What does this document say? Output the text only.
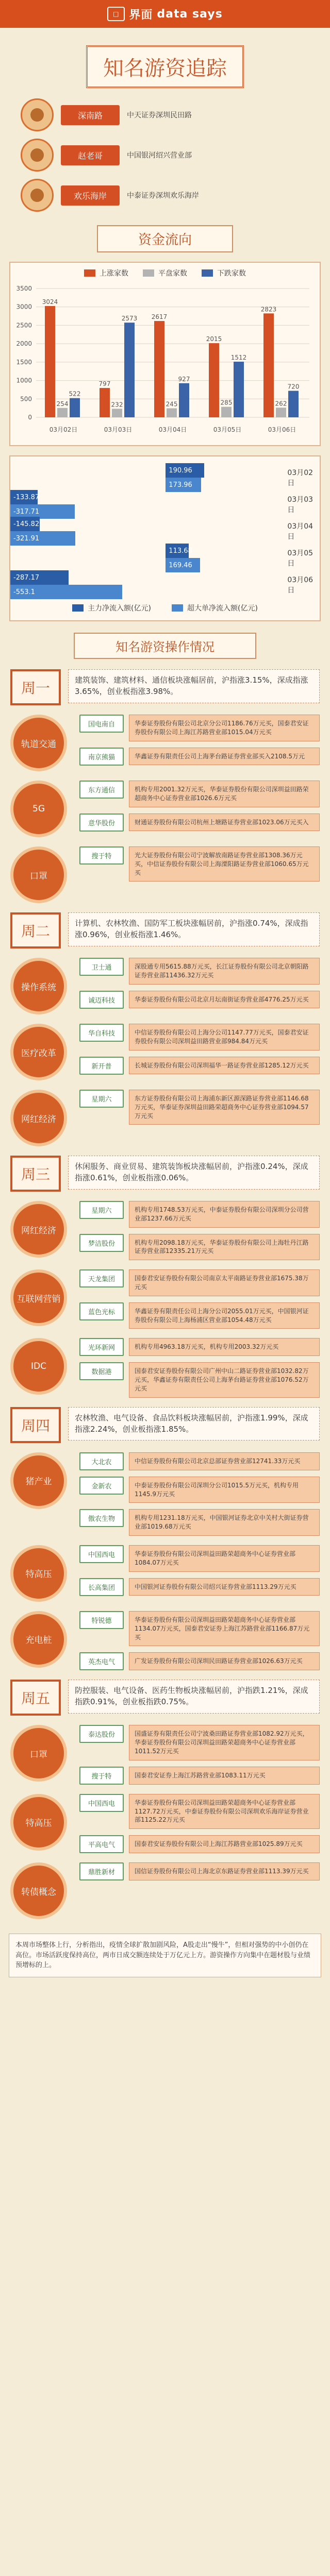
□ 界面 data says
知名游资追踪
深南路	中天证券深圳民田路
赵老哥	中国银河绍兴营业部
欢乐海岸	中泰证券深圳欢乐海岸
资金流向
上涨家数	平盘家数	下跌家数
0
500
1000
1500
2000
2500
3000
3500
3024
254
522
03月02日
797
232
2573
03月03日
2617
245
927
03月04日
2015
285
1512
03月05日
2823
262
720
03月06日
190.96
173.96
03月02日
-133.87
-317.71
03月03日
-145.82
-321.91
03月04日
113.68
169.46
03月05日
-287.17
-553.1
03月06日
主力净流入额(亿元)	超大单净流入额(亿元)
知名游资操作情况
周一	建筑装饰、建筑材料、通信板块涨幅居前，沪指涨3.15%，深成指涨3.65%，创业板指涨3.98%。
轨道交通
国电南自	华泰证券股份有限公司北京分公司1186.76万元买，国泰君安证券股份有限公司上海江苏路营业部1015.04万元买
南京熊猫	华鑫证券有限责任公司上海茅台路证券营业部买入2108.5万元
5G
东方通信	机构专用2001.32万元买，华泰证券股份有限公司深圳益田路荣超商务中心证券营业部1026.6万元买
意华股份	财通证券股份有限公司杭州上塘路证券营业部1023.06万元买入
口罩
搜于特	光大证券股份有限公司宁波解放南路证券营业部1308.36万元买，中信证券股份有限公司上海溧阳路证券营业部1060.65万元买
周二	计算机、农林牧渔、国防军工板块涨幅居前，沪指涨0.74%，深成指涨0.96%，创业板指涨1.46%。
操作系统
卫士通	深股通专用5615.88万元买，长江证券股份有限公司北京朝阳路证券营业部11436.32万元买
诚迈科技	华泰证券股份有限公司北京月坛南街证券营业部4776.25万元买
医疗改革
华自科技	中信证券股份有限公司上海分公司1147.77万元买，国泰君安证券股份有限公司深圳益田路营业部984.84万元买
新开普	长城证券股份有限公司深圳福华一路证券营业部1285.12万元买
网红经济
星期六	东方证券股份有限公司上海浦东新区源深路证券营业部1146.68万元买，华泰证券深圳益田路荣超商务中心证券营业部1094.57万元买
周三	休闲服务、商业贸易、建筑装饰板块涨幅居前，沪指涨0.24%，深成指涨0.61%，创业板指涨0.06%。
网红经济
星期六	机构专用1748.53万元买，中泰证券股份有限公司深圳分公司营业部1237.66万元买
梦洁股份	机构专用2098.18万元买，华泰证券股份有限公司上海牡丹江路证券营业部12335.21万元买
互联网营销
天龙集团	国泰君安证券股份有限公司南京太平南路证券营业部1675.38万元买
蓝色光标	华鑫证券有限责任公司上海分公司2055.01万元买，中国银河证券股份有限公司上海杨浦区营业部1054.48万元买
IDC
光环新网	机构专用4963.18万元买，机构专用2003.32万元买
数据港	国泰君安证券股份有限公司广州中山二路证券营业部1032.82万元买，华鑫证券有限责任公司上海茅台路证券营业部1076.52万元买
周四	农林牧渔、电气设备、食品饮料板块涨幅居前，沪指涨1.99%，深成指涨2.24%，创业板指涨1.85%。
猪产业
大北农	中信证券股份有限公司北京总部证券营业部12741.33万元买
金新农	中泰证券股份有限公司深圳分公司1015.5万元买，机构专用1145.9万元买
傲农生物	机构专用1231.18万元买，中国银河证券北京中关村大街证券营业部1019.68万元买
特高压
中国西电	华泰证券股份有限公司深圳益田路荣超商务中心证券营业部1084.07万元买
长高集团	中国银河证券股份有限公司绍兴证券营业部1113.29万元买
充电桩
特锐德	华泰证券股份有限公司深圳益田路荣超商务中心证券营业部1134.07万元买，国泰君安证券上海江苏路营业部1166.87万元买
英杰电气	广发证券股份有限公司深圳民田路证券营业部1026.63万元买
周五	防控服装、电气设备、医药生物板块涨幅居前，沪指跌1.21%，深成指跌0.91%，创业板指跌0.75%。
口罩
泰达股份	国盛证券有限责任公司宁波桑田路证券营业部1082.92万元买，华泰证券股份有限公司深圳益田路荣超商务中心证券营业部1011.52万元买
搜于特	国泰君安证券上海江苏路营业部1083.11万元买
特高压
中国西电	华泰证券股份有限公司深圳益田路荣超商务中心证券营业部1127.72万元买，中泰证券股份有限公司深圳欢乐海岸证券营业部1125.22万元买
平高电气	国泰君安证券股份有限公司上海江苏路营业部1025.89万元买
转债概念
鼎胜新材	国信证券股份有限公司上海北京东路证券营业部1113.39万元买
本周市场整体上行，分析指出，疫情全球扩散加剧风险，A股走出“慢牛”，但相对强势的中小创仍在高位。市场活跃度保持高位，两市日成交额连续处于万亿元上方。游资操作方向集中在题材股与业绩预增标的上。
